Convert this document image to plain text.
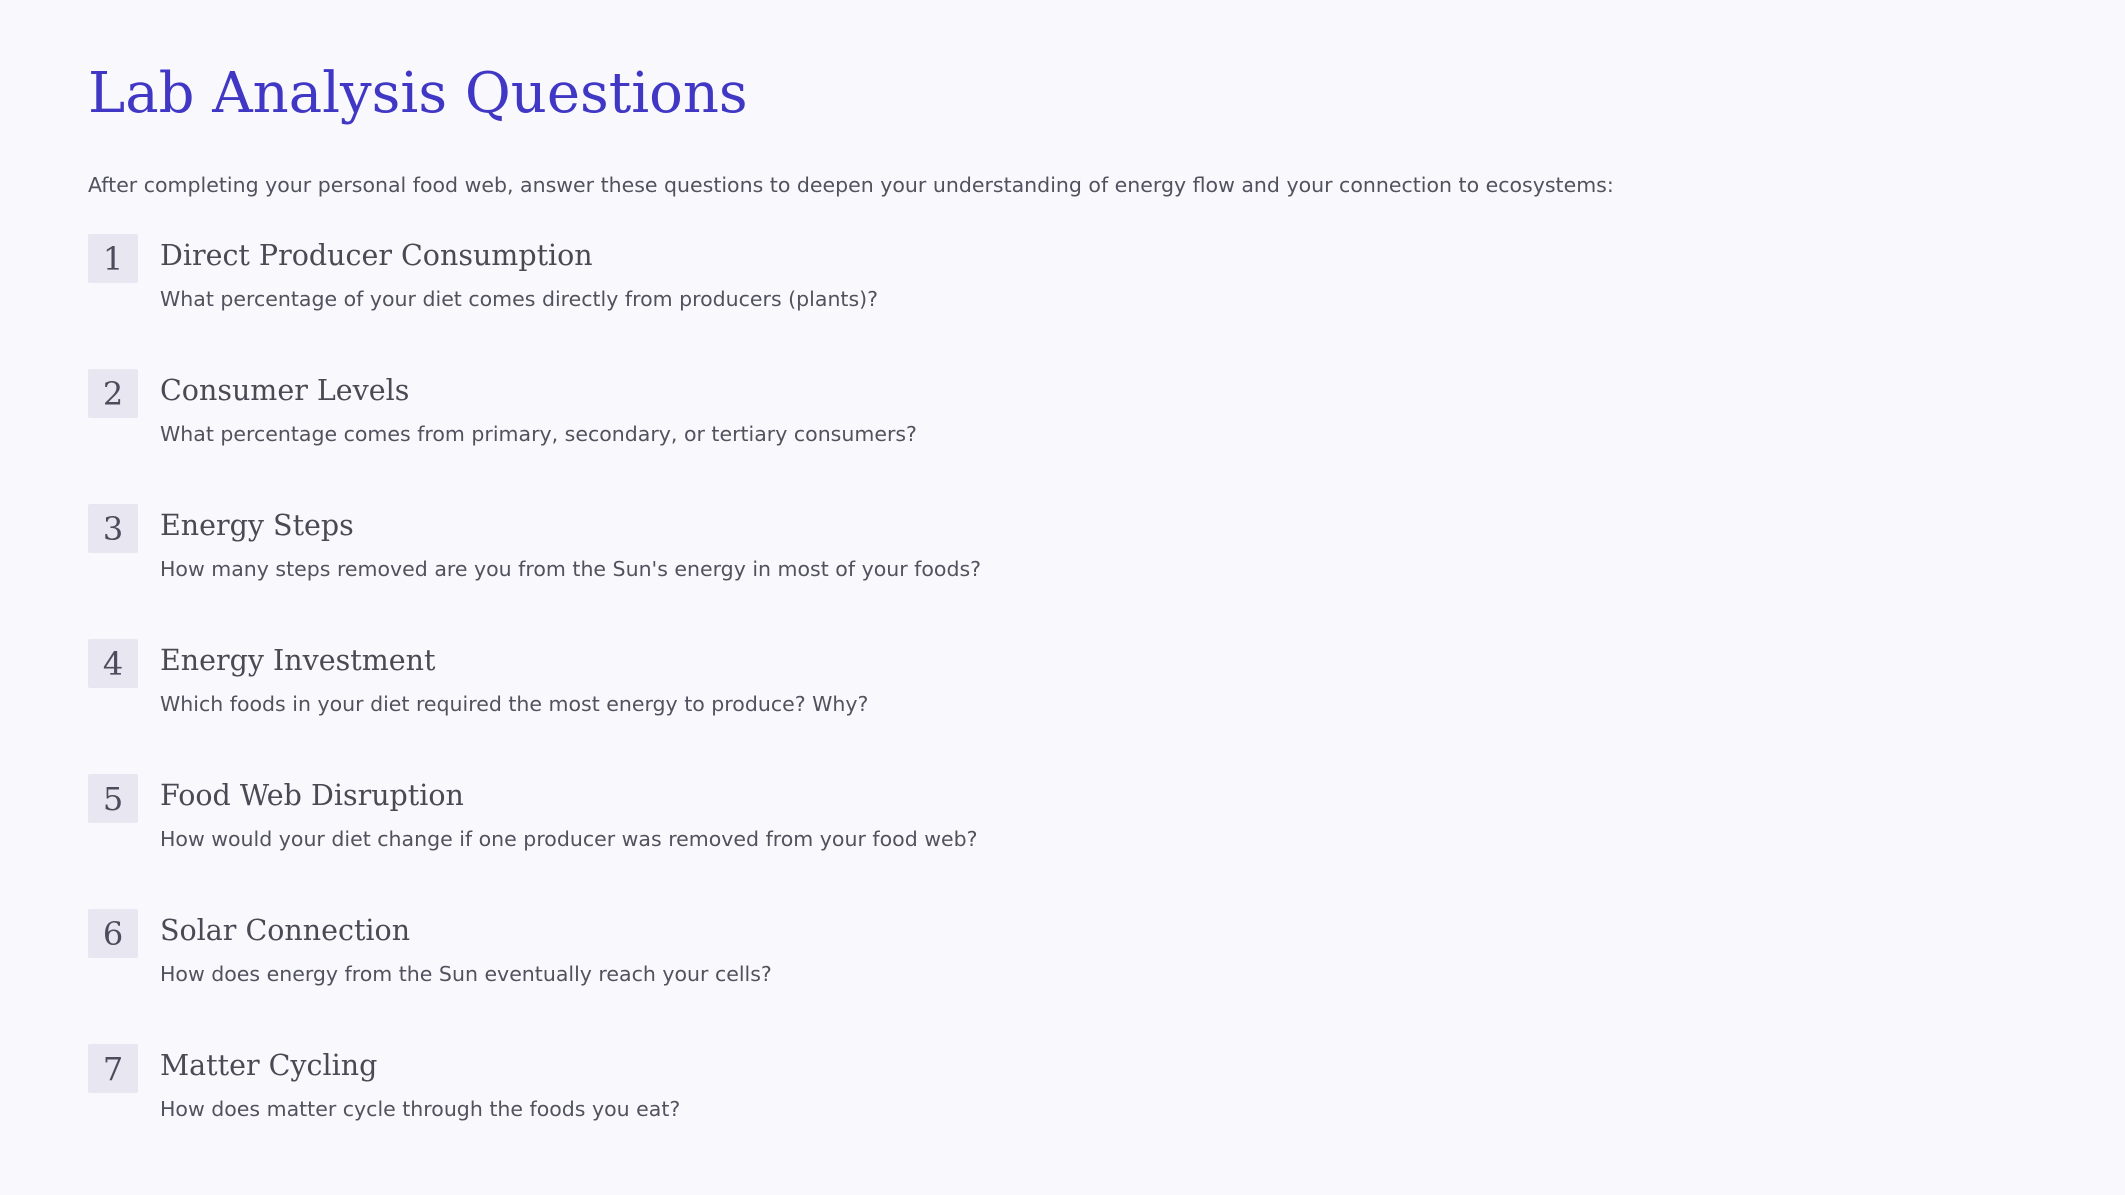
Lab Analysis Questions

After completing your personal food web, answer these questions to deepen your understanding of energy flow and your connection to ecosystems:

1	Direct Producer Consumption

What percentage of your diet comes directly from producers (plants)?

2	Consumer Levels

What percentage comes from primary, secondary, or tertiary consumers?

3	Energy Steps

How many steps removed are you from the Sun's energy in most of your foods?

4	Energy Investment

Which foods in your diet required the most energy to produce? Why?

5	Food Web Disruption

How would your diet change if one producer was removed from your food web?

6	Solar Connection

How does energy from the Sun eventually reach your cells?

7	Matter Cycling

How does matter cycle through the foods you eat?
